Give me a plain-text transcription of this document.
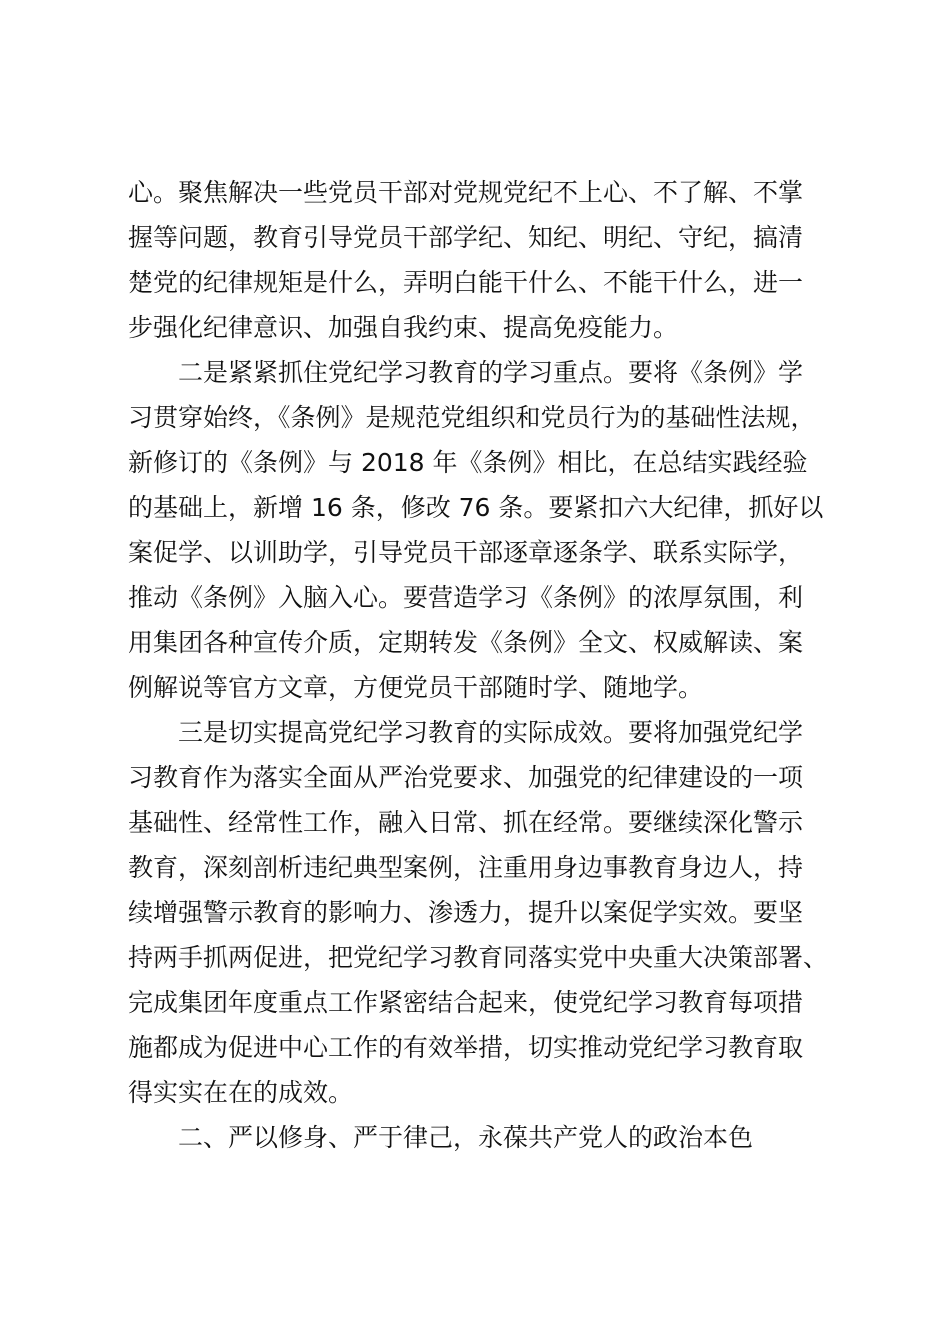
心。聚焦解决一些党员干部对党规党纪不上心、不了解、不掌

握等问题，教育引导党员干部学纪、知纪、明纪、守纪，搞清

楚党的纪律规矩是什么，弄明白能干什么、不能干什么，进一

步强化纪律意识、加强自我约束、提高免疫能力。

二是紧紧抓住党纪学习教育的学习重点。要将《条例》学

习贯穿始终，《条例》是规范党组织和党员行为的基础性法规，

新修订的《条例》与 2018 年《条例》相比，在总结实践经验

的基础上，新增 16 条，修改 76 条。要紧扣六大纪律，抓好以

案促学、以训助学，引导党员干部逐章逐条学、联系实际学，

推动《条例》入脑入心。要营造学习《条例》的浓厚氛围，利

用集团各种宣传介质，定期转发《条例》全文、权威解读、案

例解说等官方文章，方便党员干部随时学、随地学。

三是切实提高党纪学习教育的实际成效。要将加强党纪学

习教育作为落实全面从严治党要求、加强党的纪律建设的一项

基础性、经常性工作，融入日常、抓在经常。要继续深化警示

教育，深刻剖析违纪典型案例，注重用身边事教育身边人，持

续增强警示教育的影响力、渗透力，提升以案促学实效。要坚

持两手抓两促进，把党纪学习教育同落实党中央重大决策部署、

完成集团年度重点工作紧密结合起来，使党纪学习教育每项措

施都成为促进中心工作的有效举措，切实推动党纪学习教育取

得实实在在的成效。

二、严以修身、严于律己，永葆共产党人的政治本色
